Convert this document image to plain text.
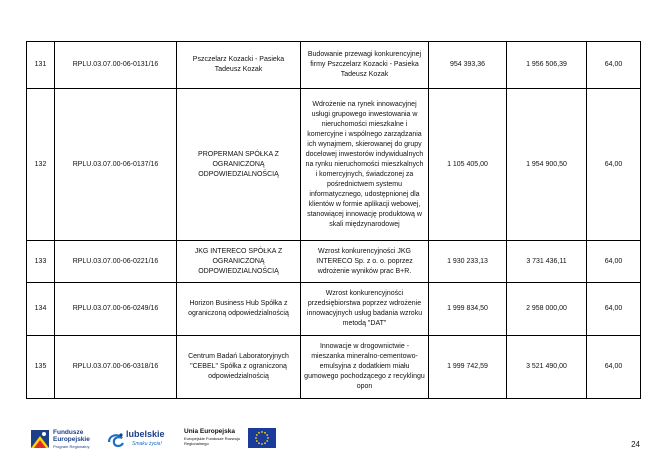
131	RPLU.03.07.00-06-0131/16	Pszczelarz Kozacki - Pasieka Tadeusz Kozak	Budowanie przewagi konkurencyjnej firmy Pszczelarz Kozacki - Pasieka Tadeusz Kozak	954 393,36	1 956 506,39	64,00
132	RPLU.03.07.00-06-0137/16	PROPERMAN SPÓŁKA Z OGRANICZONĄ ODPOWIEDZIALNOŚCIĄ	Wdrożenie na rynek innowacyjnej usługi grupowego inwestowania w nieruchomości mieszkalne i komercyjne i wspólnego zarządzania ich wynajmem, skierowanej do grupy docelowej inwestorów indywidualnych na rynku nieruchomości mieszkalnych i komercyjnych, świadczonej za pośrednictwem systemu informatycznego, udostępnionej dla klientów w formie aplikacji webowej, stanowiącej innowację produktową w skali międzynarodowej	1 105 405,00	1 954 900,50	64,00
133	RPLU.03.07.00-06-0221/16	JKG INTERECO SPÓŁKA Z OGRANICZONĄ ODPOWIEDZIALNOŚCIĄ	Wzrost konkurencyjności JKG INTERECO Sp. z o. o. poprzez wdrożenie wyników prac B+R.	1 930 233,13	3 731 436,11	64,00
134	RPLU.03.07.00-06-0249/16	Horizon Business Hub Spółka z ograniczoną odpowiedzialnością	Wzrost konkurencyjności przedsiębiorstwa poprzez wdrożenie innowacyjnych usług badania wzroku metodą "DAT"	1 999 834,50	2 958 000,00	64,00
135	RPLU.03.07.00-06-0318/16	Centrum Badań Laboratoryjnych "CEBEL" Spółka z ograniczoną odpowiedzialnością	Innowacje w drogownictwie - mieszanka mineralno-cementowo-emulsyjna z dodatkiem miału gumowego pochodzącego z recyklingu opon	1 999 742,59	3 521 490,00	64,00
Fundusze
Europejskie
Program Regionalny
lubelskie
Smaku życia!
Unia Europejska
Europejskie Fundusze Rozwoju Regionalnego	24
